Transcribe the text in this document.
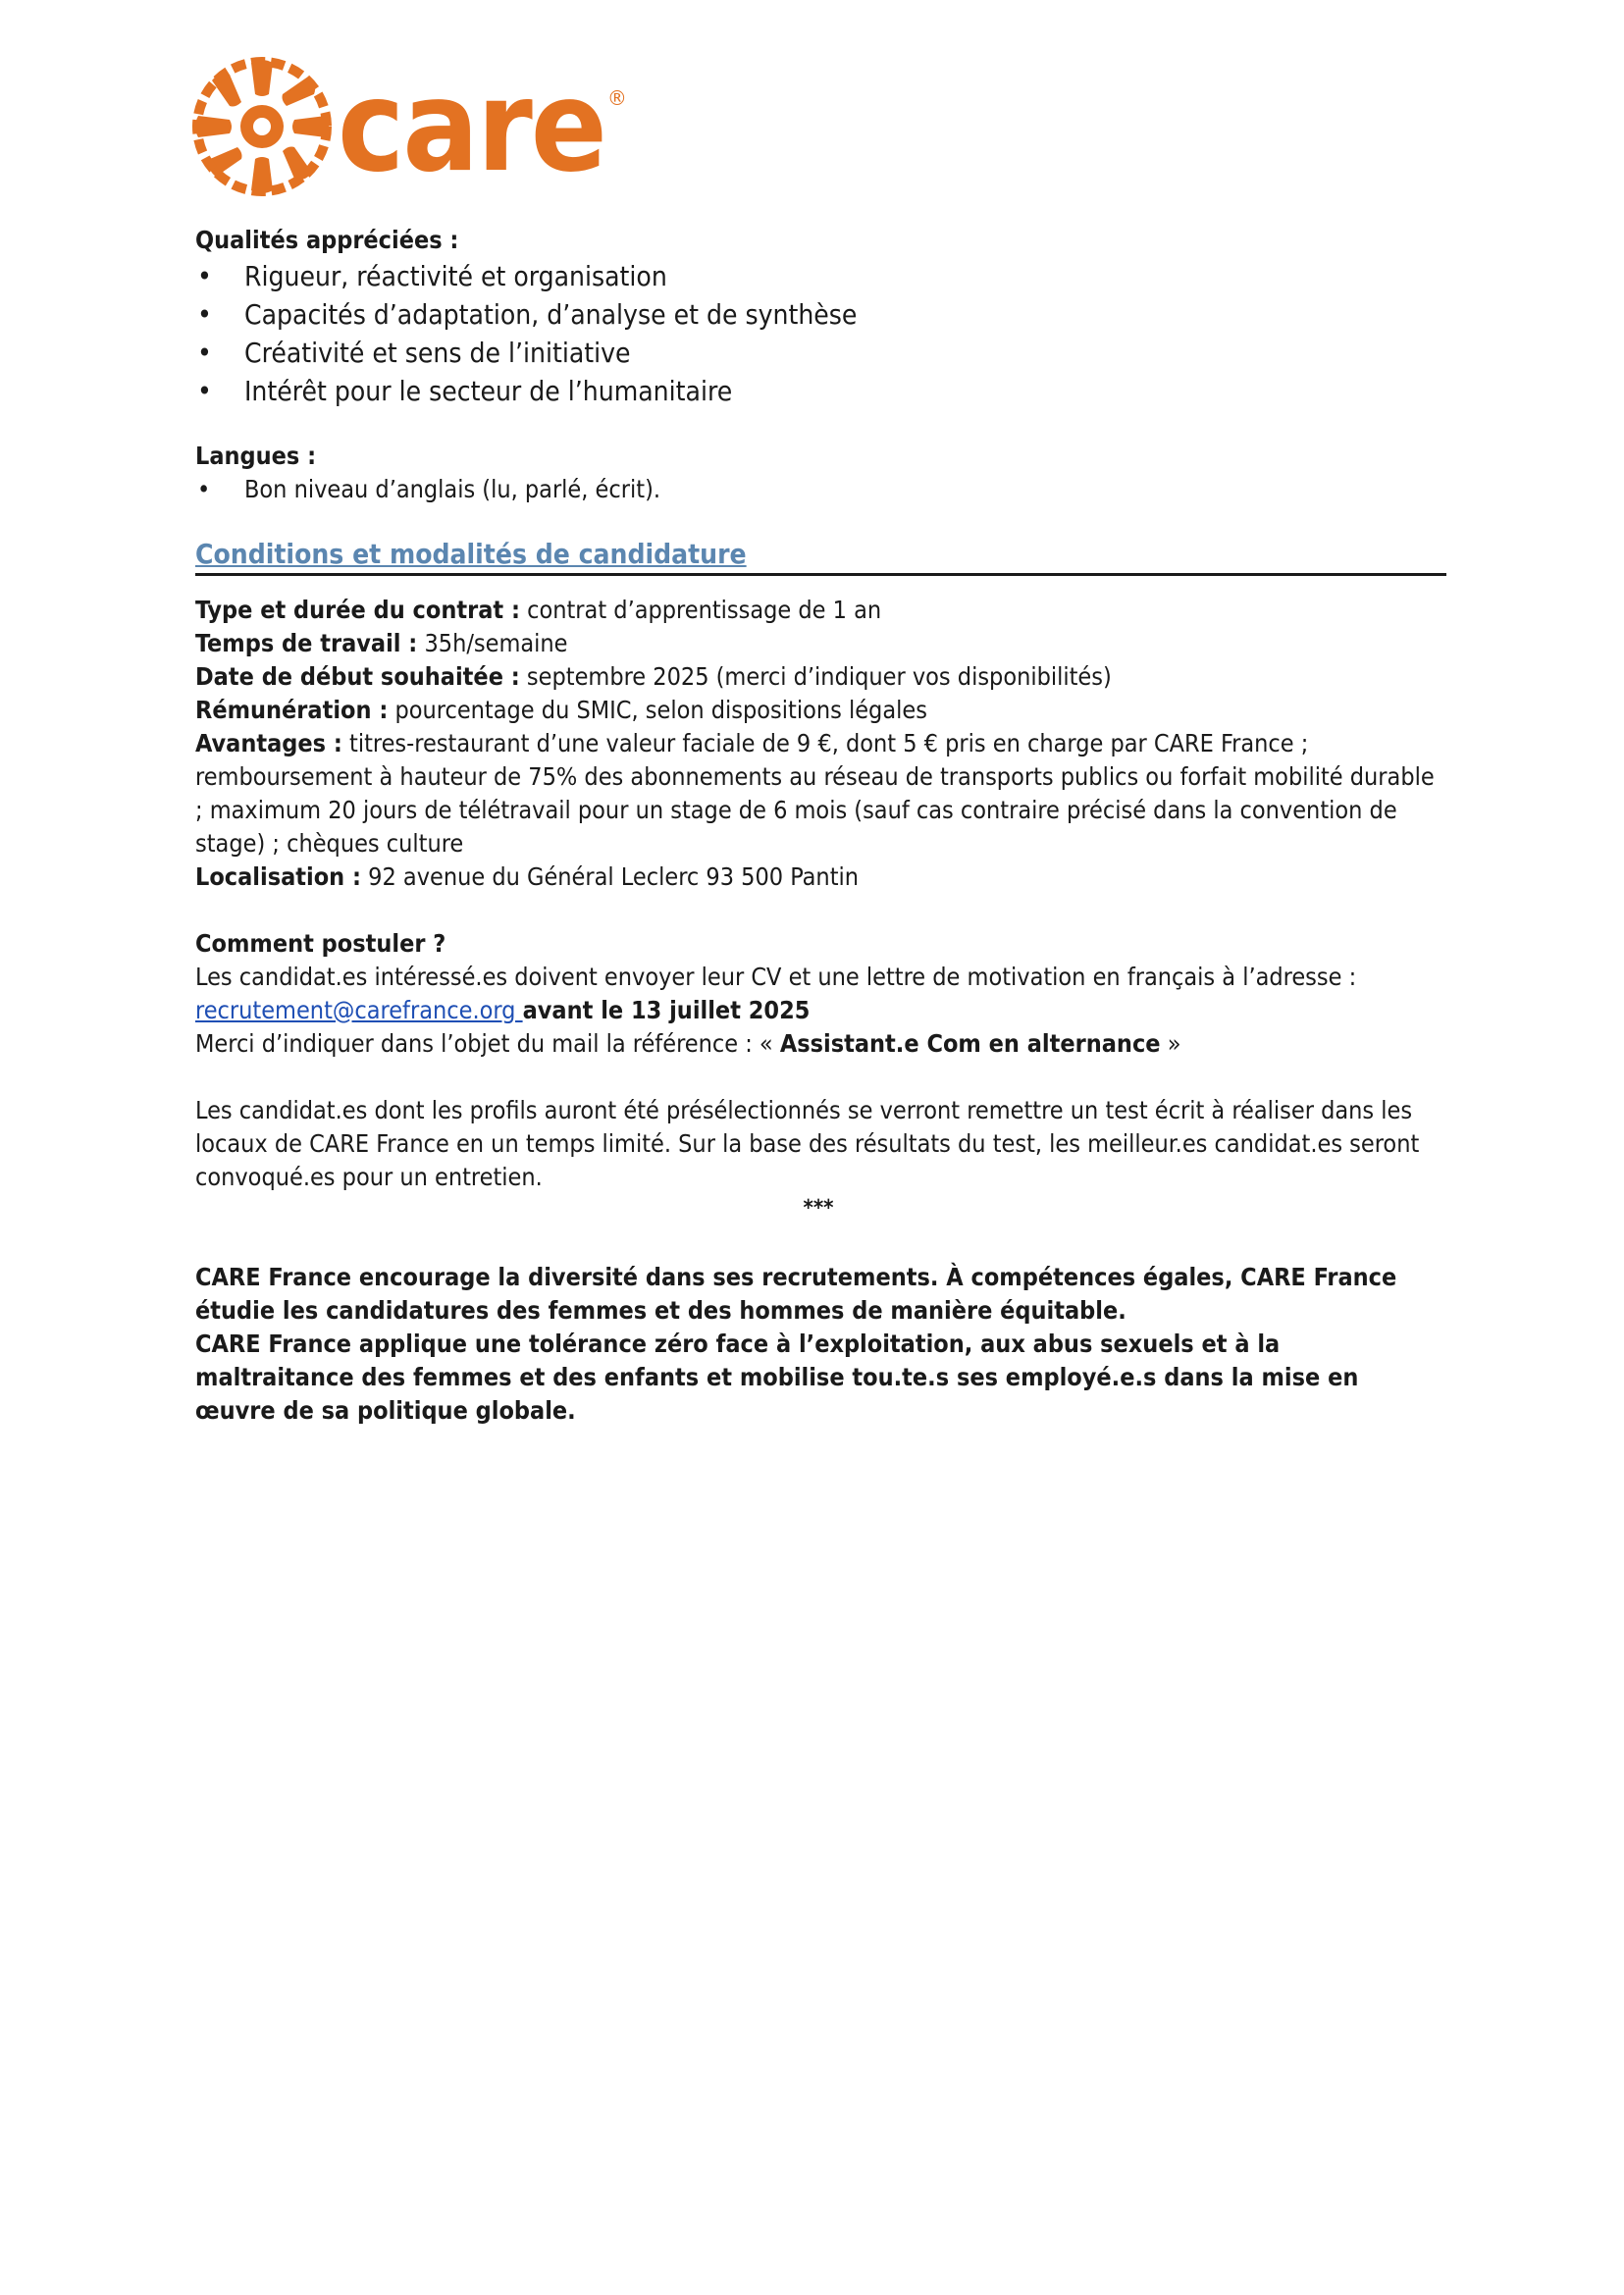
care ®
Qualités appréciées :
• Rigueur, réactivité et organisation
• Capacités d’adaptation, d’analyse et de synthèse
• Créativité et sens de l’initiative
• Intérêt pour le secteur de l’humanitaire
Langues :
• Bon niveau d’anglais (lu, parlé, écrit).
Conditions et modalités de candidature
Type et durée du contrat : contrat d’apprentissage de 1 an
Temps de travail : 35h/semaine
Date de début souhaitée : septembre 2025 (merci d’indiquer vos disponibilités)
Rémunération : pourcentage du SMIC, selon dispositions légales
Avantages : titres-restaurant d’une valeur faciale de 9 €, dont 5 € pris en charge par CARE France ; remboursement à hauteur de 75% des abonnements au réseau de transports publics ou forfait mobilité durable ; maximum 20 jours de télétravail pour un stage de 6 mois (sauf cas contraire précisé dans la convention de stage) ; chèques culture
Localisation : 92 avenue du Général Leclerc 93 500 Pantin
Comment postuler ?
Les candidat.es intéressé.es doivent envoyer leur CV et une lettre de motivation en français à l’adresse :
recrutement@carefrance.org avant le 13 juillet 2025
Merci d’indiquer dans l’objet du mail la référence : « Assistant.e Com en alternance »
Les candidat.es dont les profils auront été présélectionnés se verront remettre un test écrit à réaliser dans les locaux de CARE France en un temps limité. Sur la base des résultats du test, les meilleur.es candidat.es seront convoqué.es pour un entretien.
***
CARE France encourage la diversité dans ses recrutements. À compétences égales, CARE France étudie les candidatures des femmes et des hommes de manière équitable.
CARE France applique une tolérance zéro face à l’exploitation, aux abus sexuels et à la maltraitance des femmes et des enfants et mobilise tou.te.s ses employé.e.s dans la mise en œuvre de sa politique globale.
